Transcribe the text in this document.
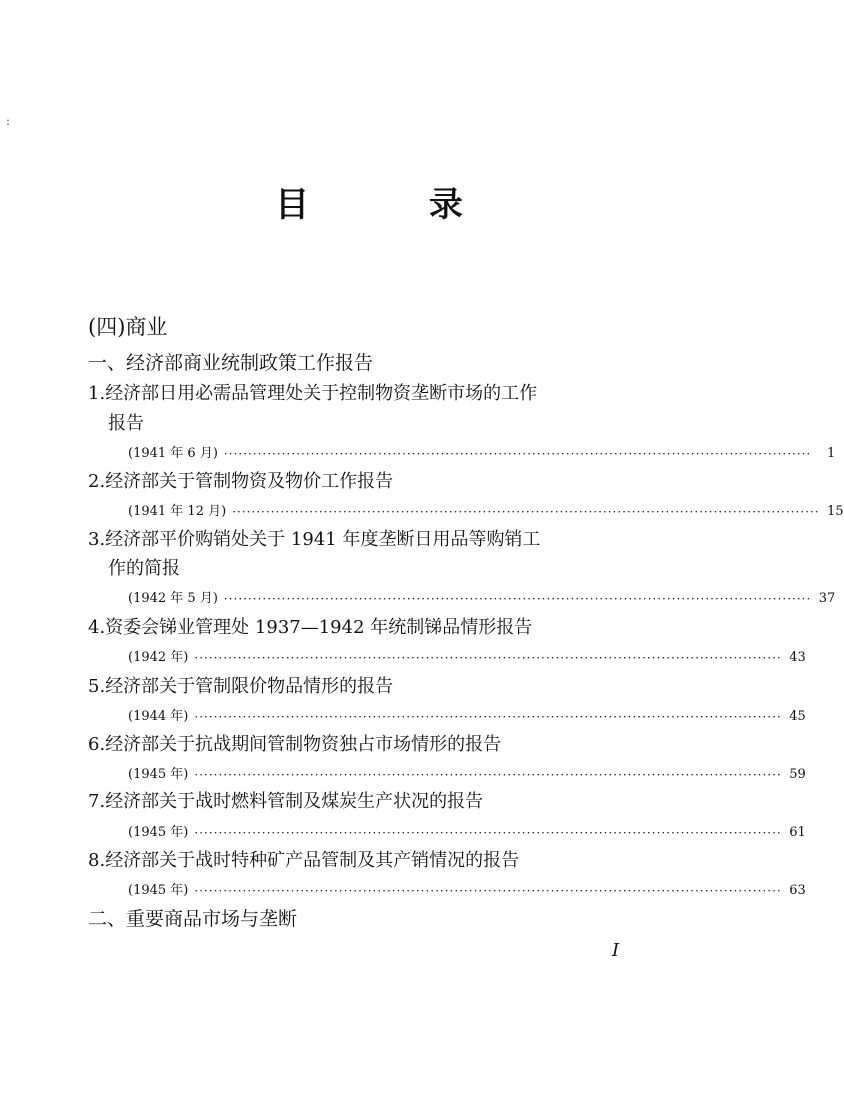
:
目 录
(四)商业
一、经济部商业统制政策工作报告
1.经济部日用必需品管理处关于控制物资垄断市场的工作
报告
(1941 年 6 月) ··························································································································	1
2.经济部关于管制物资及物价工作报告
(1941 年 12 月) ·························································································································· 15
3.经济部平价购销处关于 1941 年度垄断日用品等购销工
作的简报
(1942 年 5 月) ·························································································································· 37
4.资委会锑业管理处 1937—1942 年统制锑品情形报告
(1942 年) ·························································································································· 43
5.经济部关于管制限价物品情形的报告
(1944 年) ·························································································································· 45
6.经济部关于抗战期间管制物资独占市场情形的报告
(1945 年) ·························································································································· 59
7.经济部关于战时燃料管制及煤炭生产状况的报告
(1945 年) ·························································································································· 61
8.经济部关于战时特种矿产品管制及其产销情况的报告
(1945 年) ·························································································································· 63
二、重要商品市场与垄断
I
